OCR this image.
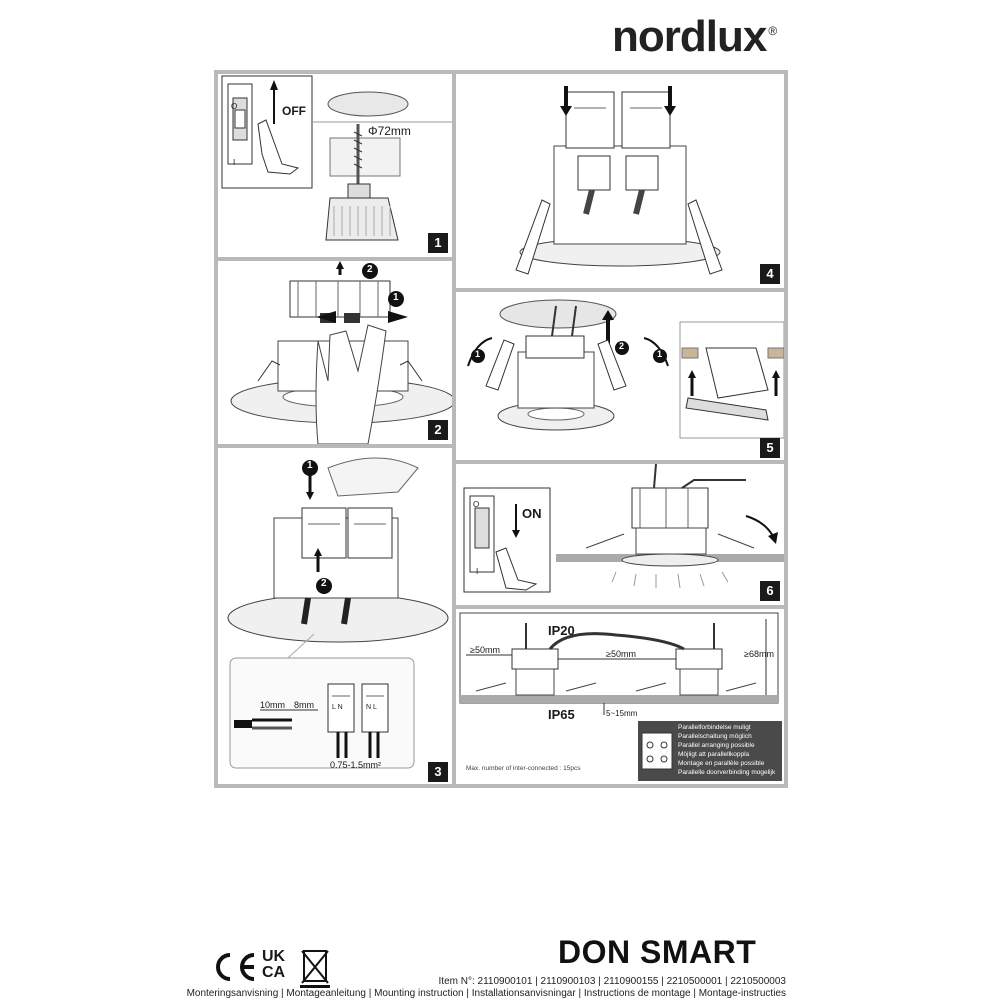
nordlux ®
O
I
OFF
Φ72mm
1
2
1
2
1
2
10mm 8mm	L N	N L
0.75-1.5mm²	3
4
1
2
1
5
O
I
ON
6
IP20
IP65
≥50mm	≥50mm	≥68mm
5~15mm
Max. number of inter-connected : 15pcs
Parallelforbindelse muligt
Parallelschaltung möglich
Parallel arranging possible
Möjligt att parallellkoppla
Montage en parallèle possible
Parallelle doorverbinding mogelijk
UK
CA
DON SMART
Item N°: 2110900101 | 2110900103 | 2110900155 | 2210500001 | 2210500003
Monteringsanvisning | Montageanleitung | Mounting instruction | Installationsanvisningar | Instructions de montage | Montage-instructies
